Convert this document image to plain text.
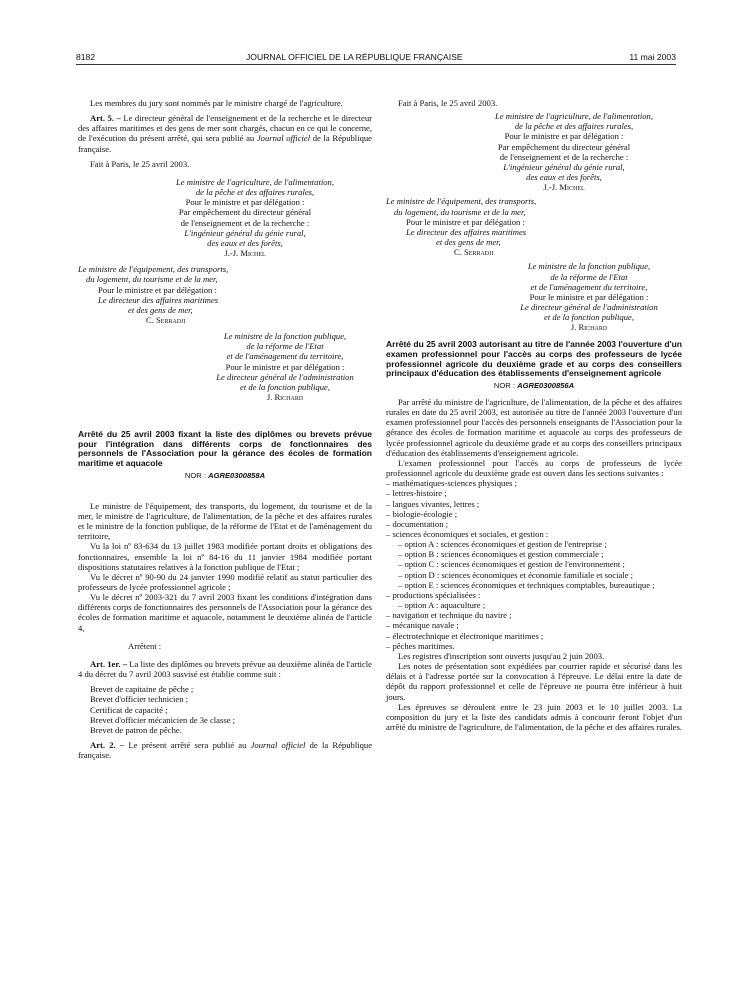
8182	JOURNAL OFFICIEL DE LA RÉPUBLIQUE FRANÇAISE	11 mai 2003

Les membres du jury sont nommés par le ministre chargé de l'agriculture.

Art. 5. – Le directeur général de l'enseignement et de la recherche et le directeur des affaires maritimes et des gens de mer sont chargés, chacun en ce qui le concerne, de l'exécution du présent arrêté, qui sera publié au Journal officiel de la République française.

Fait à Paris, le 25 avril 2003.

Le ministre de l'agriculture, de l'alimentation,
de la pêche et des affaires rurales,
Pour le ministre et par délégation :
Par empêchement du directeur général
de l'enseignement et de la recherche :
L'ingénieur général du génie rural,
des eaux et des forêts,
J.-J. Michel
Le ministre de l'équipement, des transports,
du logement, du tourisme et de la mer,
Pour le ministre et par délégation :
Le directeur des affaires maritimes
et des gens de mer,
C. Serradji
Le ministre de la fonction publique,
de la réforme de l'Etat
et de l'aménagement du territoire,
Pour le ministre et par délégation :
Le directeur général de l'administration
et de la fonction publique,
J. Richard

Arrêté du 25 avril 2003 fixant la liste des diplômes ou brevets prévue pour l'intégration dans différents corps de fonctionnaires des personnels de l'Association pour la gérance des écoles de formation maritime et aquacole

NOR : AGRE0300858A

Le ministre de l'équipement, des transports, du logement, du tourisme et de la mer, le ministre de l'agriculture, de l'alimentation, de la pêche et des affaires rurales et le ministre de la fonction publique, de la réforme de l'Etat et de l'aménagement du territoire,

Vu la loi nº 83-634 du 13 juillet 1983 modifiée portant droits et obligations des fonctionnaires, ensemble la loi nº 84-16 du 11 janvier 1984 modifiée portant dispositions statutaires relatives à la fonction publique de l'Etat ;

Vu le décret nº 90-90 du 24 janvier 1990 modifié relatif au statut particulier des professeurs de lycée professionnel agricole ;

Vu le décret nº 2003-321 du 7 avril 2003 fixant les conditions d'intégration dans différents corps de fonctionnaires des personnels de l'Association pour la gérance des écoles de formation maritime et aquacole, notamment le deuxième alinéa de l'article 4,

Arrêtent :

Art. 1er. – La liste des diplômes ou brevets prévue au deuxième alinéa de l'article 4 du décret du 7 avril 2003 susvisé est établie comme suit :

Brevet de capitaine de pêche ;

Brevet d'officier technicien ;

Certificat de capacité ;

Brevet d'officier mécanicien de 3e classe ;

Brevet de patron de pêche.

Art. 2. – Le présent arrêté sera publié au Journal officiel de la République française.

Fait à Paris, le 25 avril 2003.

Le ministre de l'agriculture, de l'alimentation,
de la pêche et des affaires rurales,
Pour le ministre et par délégation :
Par empêchement du directeur général
de l'enseignement et de la recherche :
L'ingénieur général du génie rural,
des eaux et des forêts,
J.-J. Michel
Le ministre de l'équipement, des transports,
du logement, du tourisme et de la mer,
Pour le ministre et par délégation :
Le directeur des affaires maritimes
et des gens de mer,
C. Serradji
Le ministre de la fonction publique,
de la réforme de l'Etat
et de l'aménagement du territoire,
Pour le ministre et par délégation :
Le directeur général de l'administration
et de la fonction publique,
J. Richard

Arrêté du 25 avril 2003 autorisant au titre de l'année 2003 l'ouverture d'un examen professionnel pour l'accès au corps des professeurs de lycée professionnel agricole du deuxième grade et au corps des conseillers principaux d'éducation des établissements d'enseignement agricole

NOR : AGRE0300856A

Par arrêté du ministre de l'agriculture, de l'alimentation, de la pêche et des affaires rurales en date du 25 avril 2003, est autorisée au titre de l'année 2003 l'ouverture d'un examen professionnel pour l'accès des personnels enseignants de l'Association pour la gérance des écoles de formation maritime et aquacole au corps des professeurs de lycée professionnel agricole du deuxième grade et au corps des conseillers principaux d'éducation des établissements d'enseignement agricole.

L'examen professionnel pour l'accès au corps de professeurs de lycée professionnel agricole du deuxième grade est ouvert dans les sections suivantes :

– mathématiques-sciences physiques ;

– lettres-histoire ;

– langues vivantes, lettres ;

– biologie-écologie ;

– documentation ;

– sciences économiques et sociales, et gestion :

– option A : sciences économiques et gestion de l'entreprise ;

– option B : sciences économiques et gestion commerciale ;

– option C : sciences économiques et gestion de l'environnement ;

– option D : sciences économiques et économie familiale et sociale ;

– option E : sciences économiques et techniques comptables, bureautique ;

– productions spécialisées :

– option A : aquaculture ;

– navigation et technique du navire ;

– mécanique navale ;

– électrotechnique et électronique maritimes ;

– pêches maritimes.

Les registres d'inscription sont ouverts jusqu'au 2 juin 2003.

Les notes de présentation sont expédiées par courrier rapide et sécurisé dans les délais et à l'adresse portée sur la convocation à l'épreuve. Le délai entre la date de dépôt du rapport professionnel et celle de l'épreuve ne pourra être inférieur à huit jours.

Les épreuves se déroulent entre le 23 juin 2003 et le 10 juillet 2003. La composition du jury et la liste des candidats admis à concourir feront l'objet d'un arrêté du ministre de l'agriculture, de l'alimentation, de la pêche et des affaires rurales.
